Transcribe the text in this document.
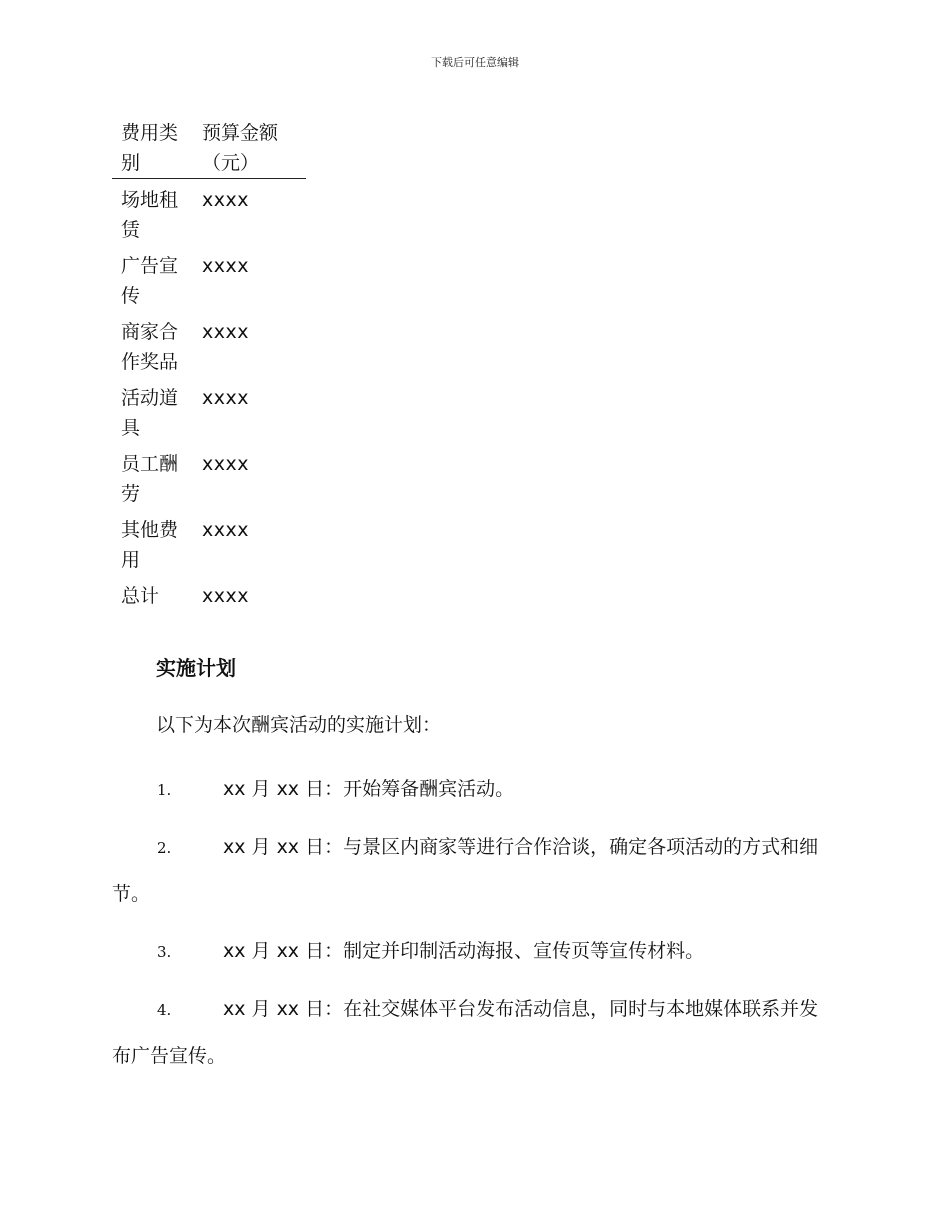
下载后可任意编辑
费用类别	预算金额（元）
场地租赁	xxxx
广告宣传	xxxx
商家合作奖品	xxxx
活动道具	xxxx
员工酬劳	xxxx
其他费用	xxxx
总计	xxxx
实施计划

以下为本次酬宾活动的实施计划：

1.	xx 月 xx 日：开始筹备酬宾活动。
2.	xx 月 xx 日：与景区内商家等进行合作洽谈，确定各项活动的方式和细节。
3.	xx 月 xx 日：制定并印制活动海报、宣传页等宣传材料。
4.	xx 月 xx 日：在社交媒体平台发布活动信息，同时与本地媒体联系并发布广告宣传。
